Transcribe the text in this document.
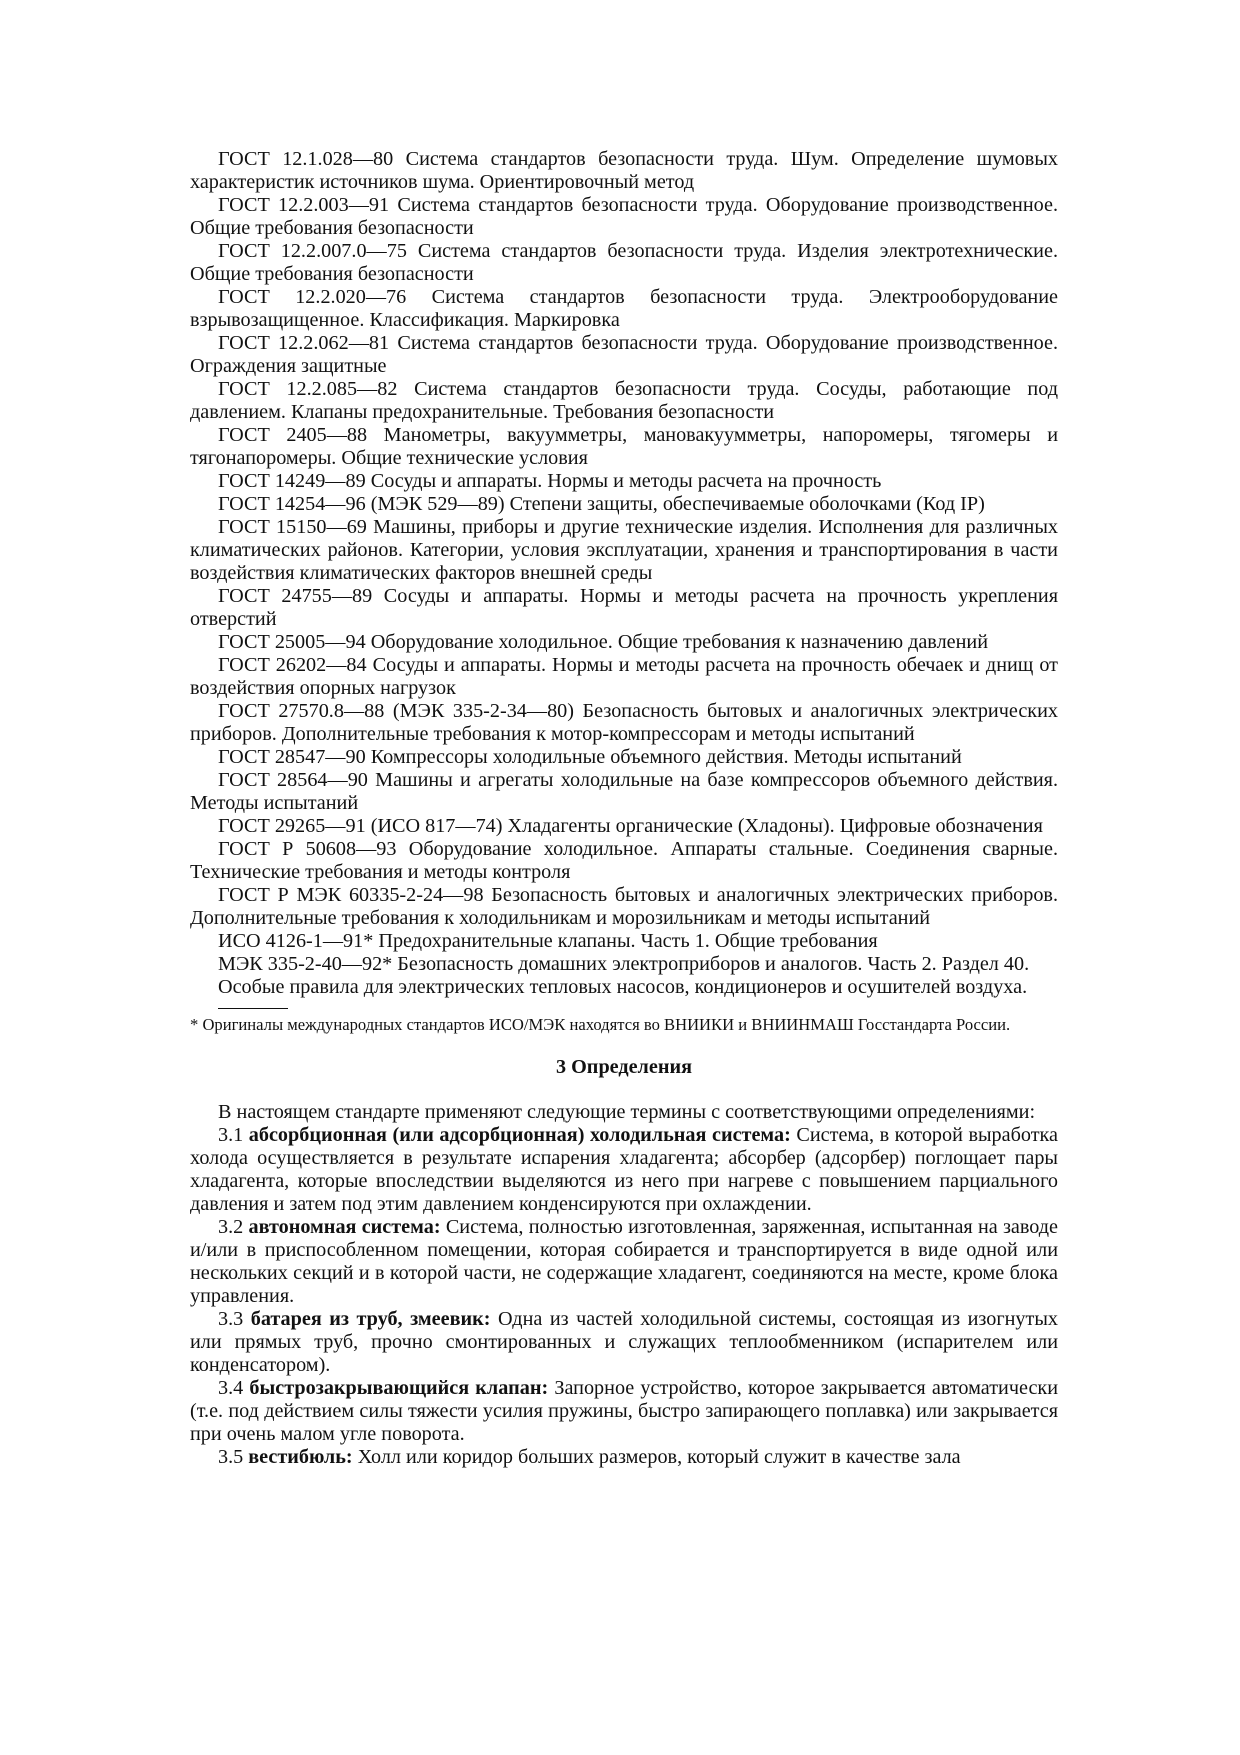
ГОСТ 12.1.028—80 Система стандартов безопасности труда. Шум. Определение шумовых характеристик источников шума. Ориентировочный метод

ГОСТ 12.2.003—91 Система стандартов безопасности труда. Оборудование производственное. Общие требования безопасности

ГОСТ 12.2.007.0—75 Система стандартов безопасности труда. Изделия электротехнические. Общие требования безопасности

ГОСТ 12.2.020—76 Система стандартов безопасности труда. Электрооборудование взрывозащищенное. Классификация. Маркировка

ГОСТ 12.2.062—81 Система стандартов безопасности труда. Оборудование производственное. Ограждения защитные

ГОСТ 12.2.085—82 Система стандартов безопасности труда. Сосуды, работающие под давлением. Клапаны предохранительные. Требования безопасности

ГОСТ 2405—88 Манометры, вакуумметры, мановакуумметры, напоромеры, тягомеры и тягонапоромеры. Общие технические условия

ГОСТ 14249—89 Сосуды и аппараты. Нормы и методы расчета на прочность

ГОСТ 14254—96 (МЭК 529—89) Степени защиты, обеспечиваемые оболочками (Код IP)

ГОСТ 15150—69 Машины, приборы и другие технические изделия. Исполнения для различных климатических районов. Категории, условия эксплуатации, хранения и транспортирования в части воздействия климатических факторов внешней среды

ГОСТ 24755—89 Сосуды и аппараты. Нормы и методы расчета на прочность укрепления отверстий

ГОСТ 25005—94 Оборудование холодильное. Общие требования к назначению давлений

ГОСТ 26202—84 Сосуды и аппараты. Нормы и методы расчета на прочность обечаек и днищ от воздействия опорных нагрузок

ГОСТ 27570.8—88 (МЭК 335-2-34—80) Безопасность бытовых и аналогичных электрических приборов. Дополнительные требования к мотор-компрессорам и методы испытаний

ГОСТ 28547—90 Компрессоры холодильные объемного действия. Методы испытаний

ГОСТ 28564—90 Машины и агрегаты холодильные на базе компрессоров объемного действия. Методы испытаний

ГОСТ 29265—91 (ИСО 817—74) Хладагенты органические (Хладоны). Цифровые обозначения

ГОСТ Р 50608—93 Оборудование холодильное. Аппараты стальные. Соединения сварные. Технические требования и методы контроля

ГОСТ Р МЭК 60335-2-24—98 Безопасность бытовых и аналогичных электрических приборов. Дополнительные требования к холодильникам и морозильникам и методы испытаний

ИСО 4126-1—91* Предохранительные клапаны. Часть 1. Общие требования

МЭК 335-2-40—92* Безопасность домашних электроприборов и аналогов. Часть 2. Раздел 40.

Особые правила для электрических тепловых насосов, кондиционеров и осушителей воздуха.

* Оригиналы международных стандартов ИСО/МЭК находятся во ВНИИКИ и ВНИИНМАШ Госстандарта России.

3 Определения

В настоящем стандарте применяют следующие термины с соответствующими определениями:

3.1 абсорбционная (или адсорбционная) холодильная система: Система, в которой выработка холода осуществляется в результате испарения хладагента; абсорбер (адсорбер) поглощает пары хладагента, которые впоследствии выделяются из него при нагреве с повышением парциального давления и затем под этим давлением конденсируются при охлаждении.

3.2 автономная система: Система, полностью изготовленная, заряженная, испытанная на заводе и/или в приспособленном помещении, которая собирается и транспортируется в виде одной или нескольких секций и в которой части, не содержащие хладагент, соединяются на месте, кроме блока управления.

3.3 батарея из труб, змеевик: Одна из частей холодильной системы, состоящая из изогнутых или прямых труб, прочно смонтированных и служащих теплообменником (испарителем или конденсатором).

3.4 быстрозакрывающийся клапан: Запорное устройство, которое закрывается автоматически (т.е. под действием силы тяжести усилия пружины, быстро запирающего поплавка) или закрывается при очень малом угле поворота.

3.5 вестибюль: Холл или коридор больших размеров, который служит в качестве зала
